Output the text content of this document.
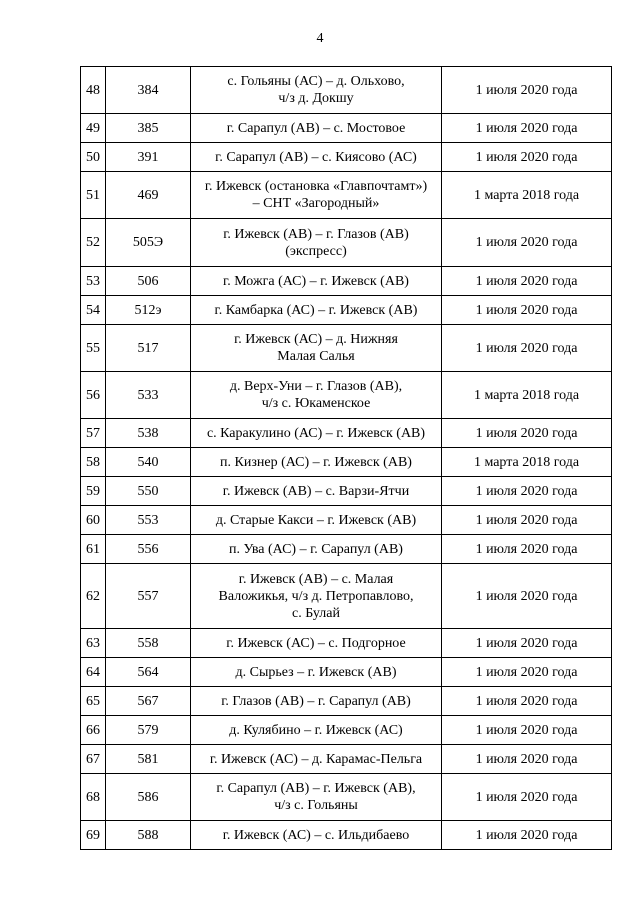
4
48	384	с. Гольяны (АС) – д. Ольхово,
ч/з д. Докшу	1 июля 2020 года
49	385	г. Сарапул (АВ) – с. Мостовое	1 июля 2020 года
50	391	г. Сарапул (АВ) – с. Киясово (АС)	1 июля 2020 года
51	469	г. Ижевск (остановка «Главпочтамт»)
– СНТ «Загородный»	1 марта 2018 года
52	505Э	г. Ижевск (АВ) – г. Глазов (АВ)
(экспресс)	1 июля 2020 года
53	506	г. Можга (АС) – г. Ижевск (АВ)	1 июля 2020 года
54	512э	г. Камбарка (АС) – г. Ижевск (АВ)	1 июля 2020 года
55	517	г. Ижевск (АС) – д. Нижняя
Малая Салья	1 июля 2020 года
56	533	д. Верх-Уни – г. Глазов (АВ),
ч/з с. Юкаменское	1 марта 2018 года
57	538	с. Каракулино (АС) – г. Ижевск (АВ)	1 июля 2020 года
58	540	п. Кизнер (АС) – г. Ижевск (АВ)	1 марта 2018 года
59	550	г. Ижевск (АВ) – с. Варзи-Ятчи	1 июля 2020 года
60	553	д. Старые Какси – г. Ижевск (АВ)	1 июля 2020 года
61	556	п. Ува (АС) – г. Сарапул (АВ)	1 июля 2020 года
62	557	г. Ижевск (АВ) – с. Малая
Валожикья, ч/з д. Петропавлово,
с. Булай	1 июля 2020 года
63	558	г. Ижевск (АС) – с. Подгорное	1 июля 2020 года
64	564	д. Сырьез – г. Ижевск (АВ)	1 июля 2020 года
65	567	г. Глазов (АВ) – г. Сарапул (АВ)	1 июля 2020 года
66	579	д. Кулябино – г. Ижевск (АС)	1 июля 2020 года
67	581	г. Ижевск (АС) – д. Карамас-Пельга	1 июля 2020 года
68	586	г. Сарапул (АВ) – г. Ижевск (АВ),
ч/з с. Гольяны	1 июля 2020 года
69	588	г. Ижевск (АС) – с. Ильдибаево	1 июля 2020 года
